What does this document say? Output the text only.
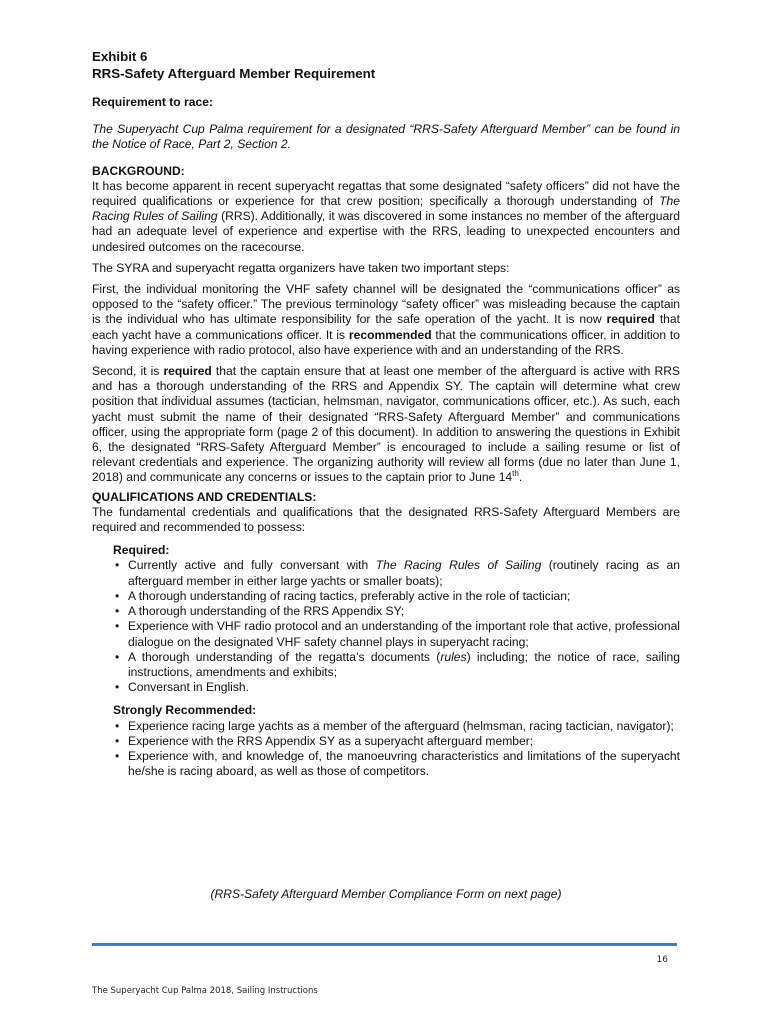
Exhibit 6
RRS-Safety Afterguard Member Requirement

Requirement to race:

The Superyacht Cup Palma requirement for a designated “RRS-Safety Afterguard Member” can be found in the Notice of Race, Part 2, Section 2.

BACKGROUND:

It has become apparent in recent superyacht regattas that some designated “safety officers” did not have the required qualifications or experience for that crew position; specifically a thorough understanding of The Racing Rules of Sailing (RRS). Additionally, it was discovered in some instances no member of the afterguard had an adequate level of experience and expertise with the RRS, leading to unexpected encounters and undesired outcomes on the racecourse.

The SYRA and superyacht regatta organizers have taken two important steps:

First, the individual monitoring the VHF safety channel will be designated the “communications officer” as opposed to the “safety officer.” The previous terminology “safety officer” was misleading because the captain is the individual who has ultimate responsibility for the safe operation of the yacht. It is now required that each yacht have a communications officer. It is recommended that the communications officer, in addition to having experience with radio protocol, also have experience with and an understanding of the RRS.

Second, it is required that the captain ensure that at least one member of the afterguard is active with RRS and has a thorough understanding of the RRS and Appendix SY. The captain will determine what crew position that individual assumes (tactician, helmsman, navigator, communications officer, etc.). As such, each yacht must submit the name of their designated “RRS-Safety Afterguard Member” and communications officer, using the appropriate form (page 2 of this document). In addition to answering the questions in Exhibit 6, the designated “RRS-Safety Afterguard Member” is encouraged to include a sailing resume or list of relevant credentials and experience. The organizing authority will review all forms (due no later than June 1, 2018) and communicate any concerns or issues to the captain prior to June 14th.

QUALIFICATIONS AND CREDENTIALS:

The fundamental credentials and qualifications that the designated RRS-Safety Afterguard Members are required and recommended to possess:

Required:
• Currently active and fully conversant with The Racing Rules of Sailing (routinely racing as an afterguard member in either large yachts or smaller boats);
• A thorough understanding of racing tactics, preferably active in the role of tactician;
• A thorough understanding of the RRS Appendix SY;
• Experience with VHF radio protocol and an understanding of the important role that active, professional dialogue on the designated VHF safety channel plays in superyacht racing;
• A thorough understanding of the regatta’s documents (rules) including; the notice of race, sailing instructions, amendments and exhibits;
• Conversant in English.
Strongly Recommended:
• Experience racing large yachts as a member of the afterguard (helmsman, racing tactician, navigator);
• Experience with the RRS Appendix SY as a superyacht afterguard member;
• Experience with, and knowledge of, the manoeuvring characteristics and limitations of the superyacht he/she is racing aboard, as well as those of competitors.
(RRS-Safety Afterguard Member Compliance Form on next page)
16
The Superyacht Cup Palma 2018, Sailing Instructions
